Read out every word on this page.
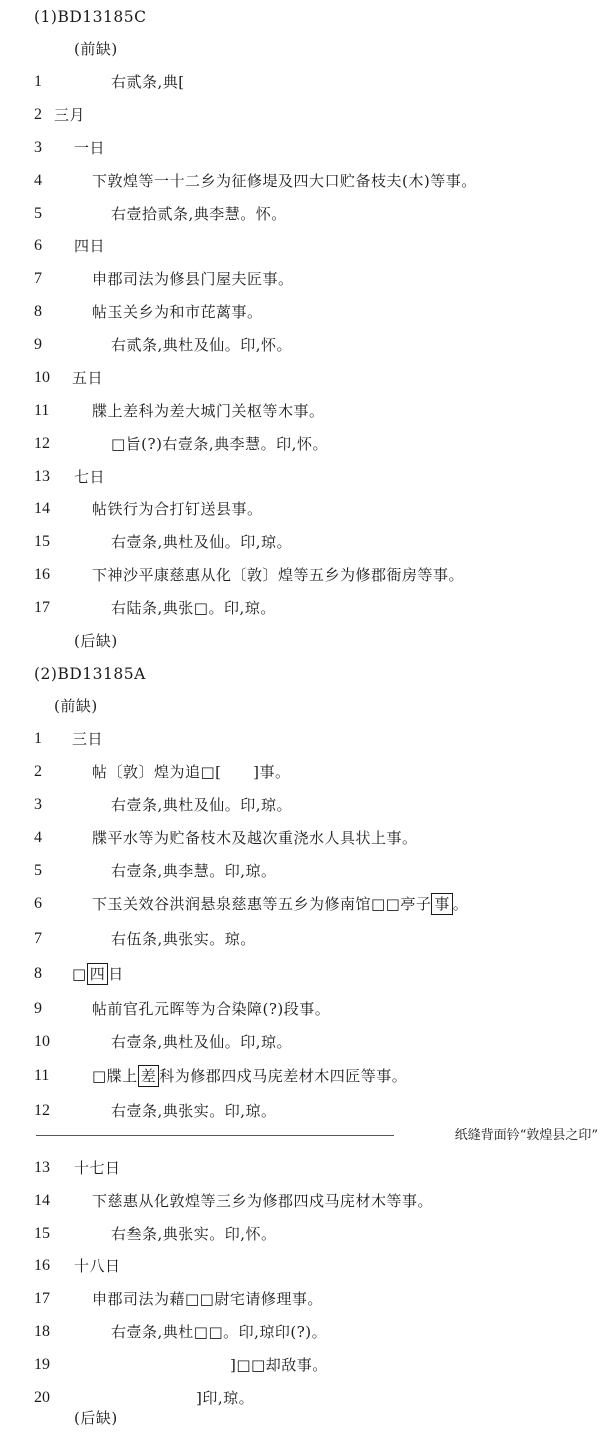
(1)BD13185C
(前缺)
1	右贰条,典[
2 三月
3	一日
4	下敦煌等一十二乡为征修堤及四大口贮备枝夫(木)等事。
5	右壹拾贰条,典李慧。怀。
6	四日
7	申郡司法为修县门屋夫匠事。
8	帖玉关乡为和市芘蓠事。
9	右贰条,典杜及仙。印,怀。
10	五日
11	牒上差科为差大城门关枢等木事。
12	□旨(?)右壹条,典李慧。印,怀。
13	七日
14	帖铁行为合打钉送县事。
15	右壹条,典杜及仙。印,琼。
16	下神沙平康慈惠从化〔敦〕煌等五乡为修郡衙房等事。
17	右陆条,典张□。印,琼。
(后缺)
(2)BD13185A
(前缺)
1	三日
2	帖〔敦〕煌为追□[      ]事。
3	右壹条,典杜及仙。印,琼。
4	牒平水等为贮备枝木及越次重浇水人具状上事。
5	右壹条,典李慧。印,琼。
6	下玉关效谷洪润悬泉慈惠等五乡为修南馆□□亭子 事 。
7	右伍条,典张实。琼。
8	□ 四 日
9	帖前官孔元晖等为合染障(?)段事。
10	右壹条,典杜及仙。印,琼。
11	□牒上 差 科为修郡四戍马庑差材木四匠等事。
12	右壹条,典张实。印,琼。
纸缝背面钤“敦煌县之印”
13	十七日
14	下慈惠从化敦煌等三乡为修郡四戍马庑材木等事。
15	右叁条,典张实。印,怀。
16	十八日
17	申郡司法为藉□□尉宅请修理事。
18	右壹条,典杜□□。印,琼印(?)。
19	]□□却敌事。
20	]印,琼。
(后缺)
